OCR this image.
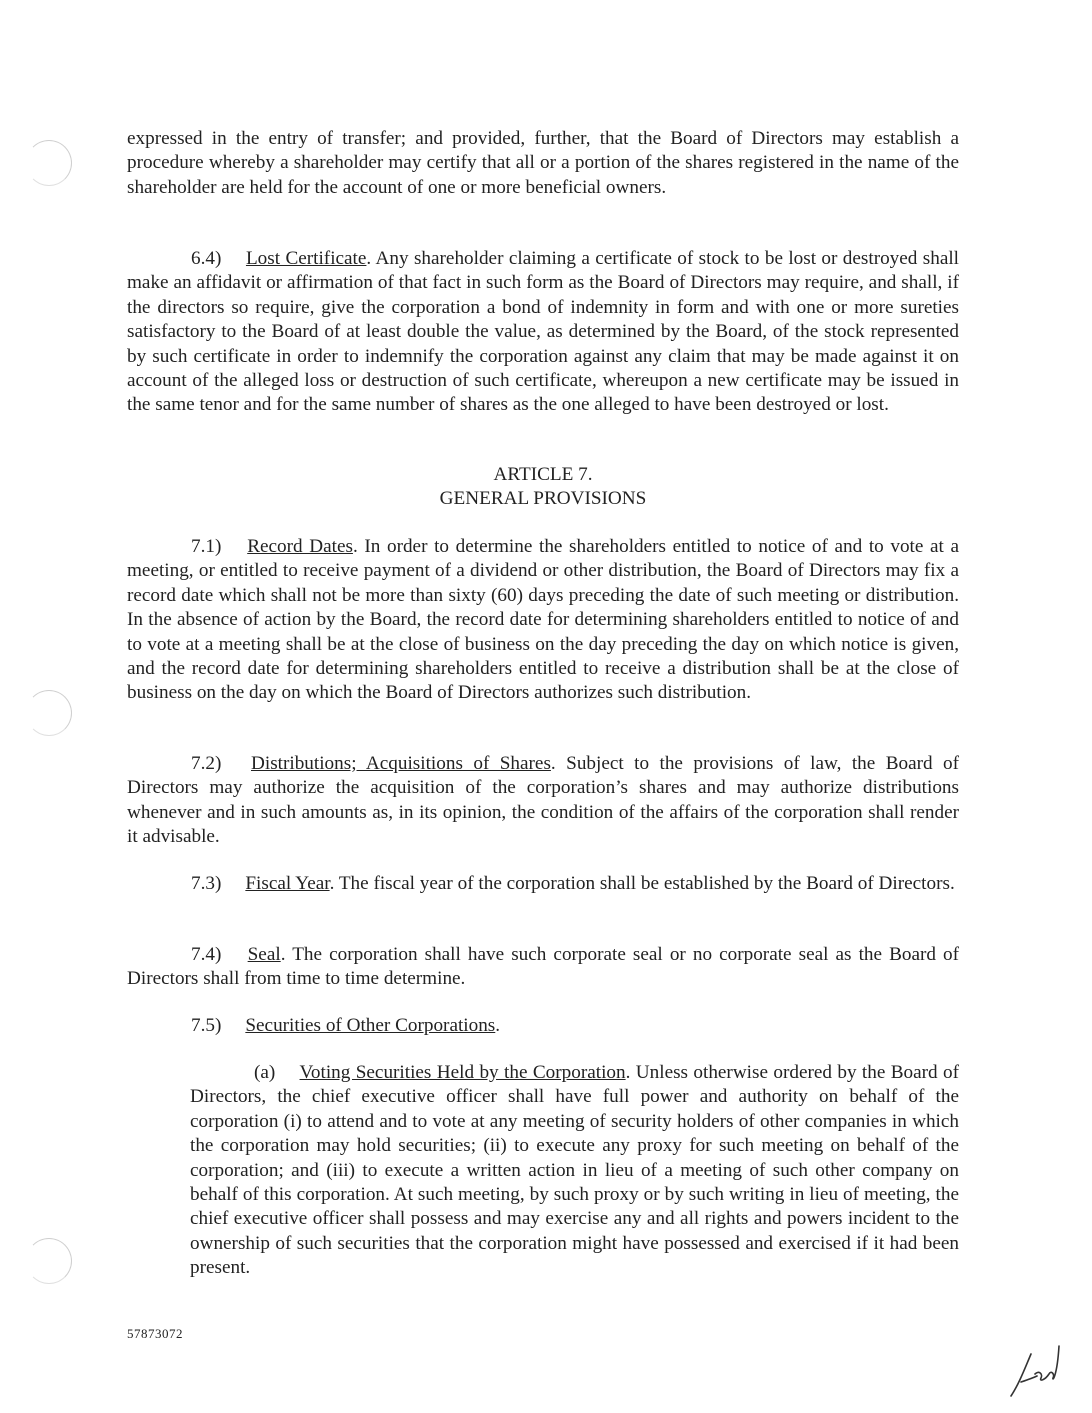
expressed in the entry of transfer; and provided, further, that the Board of Directors may establish a procedure whereby a shareholder may certify that all or a portion of the shares registered in the name of the shareholder are held for the account of one or more beneficial owners.

6.4)  Lost Certificate. Any shareholder claiming a certificate of stock to be lost or destroyed shall make an affidavit or affirmation of that fact in such form as the Board of Directors may require, and shall, if the directors so require, give the corporation a bond of indemnity in form and with one or more sureties satisfactory to the Board of at least double the value, as determined by the Board, of the stock represented by such certificate in order to indemnify the corporation against any claim that may be made against it on account of the alleged loss or destruction of such certificate, whereupon a new certificate may be issued in the same tenor and for the same number of shares as the one alleged to have been destroyed or lost.

ARTICLE 7.
GENERAL PROVISIONS

7.1)  Record Dates. In order to determine the shareholders entitled to notice of and to vote at a meeting, or entitled to receive payment of a dividend or other distribution, the Board of Directors may fix a record date which shall not be more than sixty (60) days preceding the date of such meeting or distribution. In the absence of action by the Board, the record date for determining shareholders entitled to notice of and to vote at a meeting shall be at the close of business on the day preceding the day on which notice is given, and the record date for determining shareholders entitled to receive a distribution shall be at the close of business on the day on which the Board of Directors authorizes such distribution.

7.2)  Distributions; Acquisitions of Shares. Subject to the provisions of law, the Board of Directors may authorize the acquisition of the corporation’s shares and may authorize distributions whenever and in such amounts as, in its opinion, the condition of the affairs of the corporation shall render it advisable.

7.3)  Fiscal Year. The fiscal year of the corporation shall be established by the Board of Directors.

7.4)  Seal. The corporation shall have such corporate seal or no corporate seal as the Board of Directors shall from time to time determine.

7.5)  Securities of Other Corporations.

(a)  Voting Securities Held by the Corporation. Unless otherwise ordered by the Board of Directors, the chief executive officer shall have full power and authority on behalf of the corporation (i) to attend and to vote at any meeting of security holders of other companies in which the corporation may hold securities; (ii) to execute any proxy for such meeting on behalf of the corporation; and (iii) to execute a written action in lieu of a meeting of such other company on behalf of this corporation. At such meeting, by such proxy or by such writing in lieu of meeting, the chief executive officer shall possess and may exercise any and all rights and powers incident to the ownership of such securities that the corporation might have possessed and exercised if it had been present.

57873072
